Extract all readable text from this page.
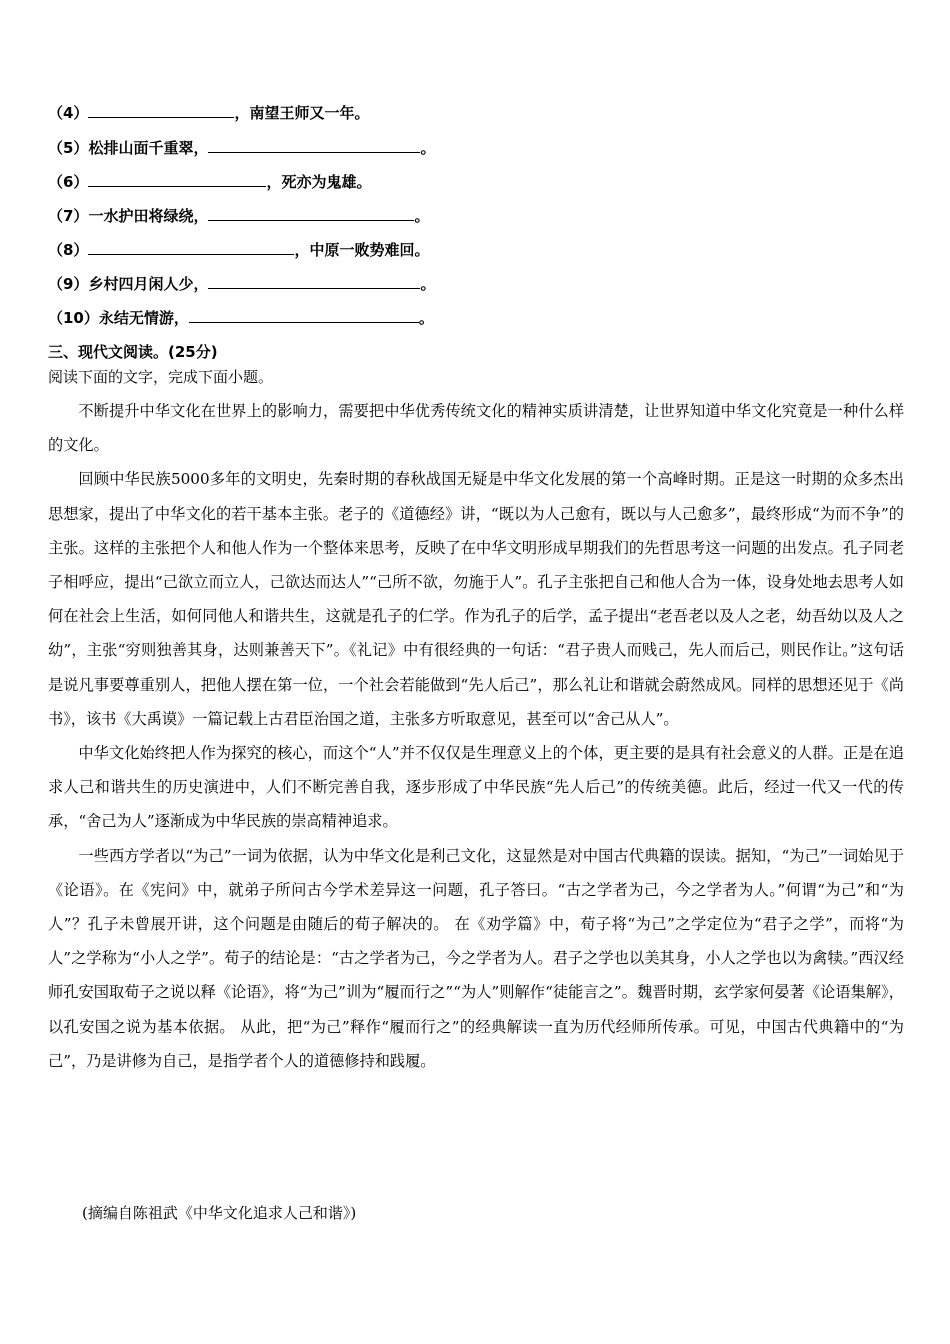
（4）	，南望王师又一年。
（5）松排山面千重翠，	。
（6）	，死亦为鬼雄。
（7）一水护田将绿绕，	。
（8）	，中原一败势难回。
（9）乡村四月闲人少，	。
（10）永结无情游，	。
三、现代文阅读。(25分)
阅读下面的文字，完成下面小题。

不断提升中华文化在世界上的影响力，需要把中华优秀传统文化的精神实质讲清楚，让世界知道中华文化究竟是一种什么样的文化。

回顾中华民族5000多年的文明史，先秦时期的春秋战国无疑是中华文化发展的第一个高峰时期。正是这一时期的众多杰出思想家，提出了中华文化的若干基本主张。老子的《道德经》讲，“既以为人己愈有，既以与人己愈多”，最终形成“为而不争”的主张。这样的主张把个人和他人作为一个整体来思考，反映了在中华文明形成早期我们的先哲思考这一问题的出发点。孔子同老子相呼应，提出“己欲立而立人，己欲达而达人”“己所不欲，勿施于人”。孔子主张把自己和他人合为一体，设身处地去思考人如何在社会上生活，如何同他人和谐共生，这就是孔子的仁学。作为孔子的后学，孟子提出“老吾老以及人之老，幼吾幼以及人之幼”，主张“穷则独善其身，达则兼善天下”。《礼记》中有很经典的一句话：“君子贵人而贱己，先人而后己，则民作让。”这句话是说凡事要尊重别人，把他人摆在第一位，一个社会若能做到“先人后己”，那么礼让和谐就会蔚然成风。同样的思想还见于《尚书》，该书《大禹谟》一篇记载上古君臣治国之道，主张多方听取意见，甚至可以“舍己从人”。

中华文化始终把人作为探究的核心，而这个“人”并不仅仅是生理意义上的个体，更主要的是具有社会意义的人群。正是在追求人己和谐共生的历史演进中，人们不断完善自我，逐步形成了中华民族“先人后己”的传统美德。此后，经过一代又一代的传承，“舍己为人”逐渐成为中华民族的崇高精神追求。

一些西方学者以“为己”一词为依据，认为中华文化是利己文化，这显然是对中国古代典籍的误读。据知，“为己”一词始见于《论语》。在《宪问》中，就弟子所问古今学术差异这一问题，孔子答曰。“古之学者为己，今之学者为人。”何谓“为己”和“为人”？孔子未曾展开讲，这个问题是由随后的荀子解决的。 在《劝学篇》中，荀子将“为己”之学定位为“君子之学”，而将“为人”之学称为“小人之学”。荀子的结论是：“古之学者为己，今之学者为人。君子之学也以美其身，小人之学也以为禽犊。”西汉经师孔安国取荀子之说以释《论语》，将“为己”训为“履而行之”“为人”则解作“徒能言之”。魏晋时期，玄学家何晏著《论语集解》，以孔安国之说为基本依据。 从此，把“为己”释作“履而行之”的经典解读一直为历代经师所传承。可见，中国古代典籍中的“为己”，乃是讲修为自己，是指学者个人的道德修持和践履。

(摘编自陈祖武《中华文化追求人己和谐》)
